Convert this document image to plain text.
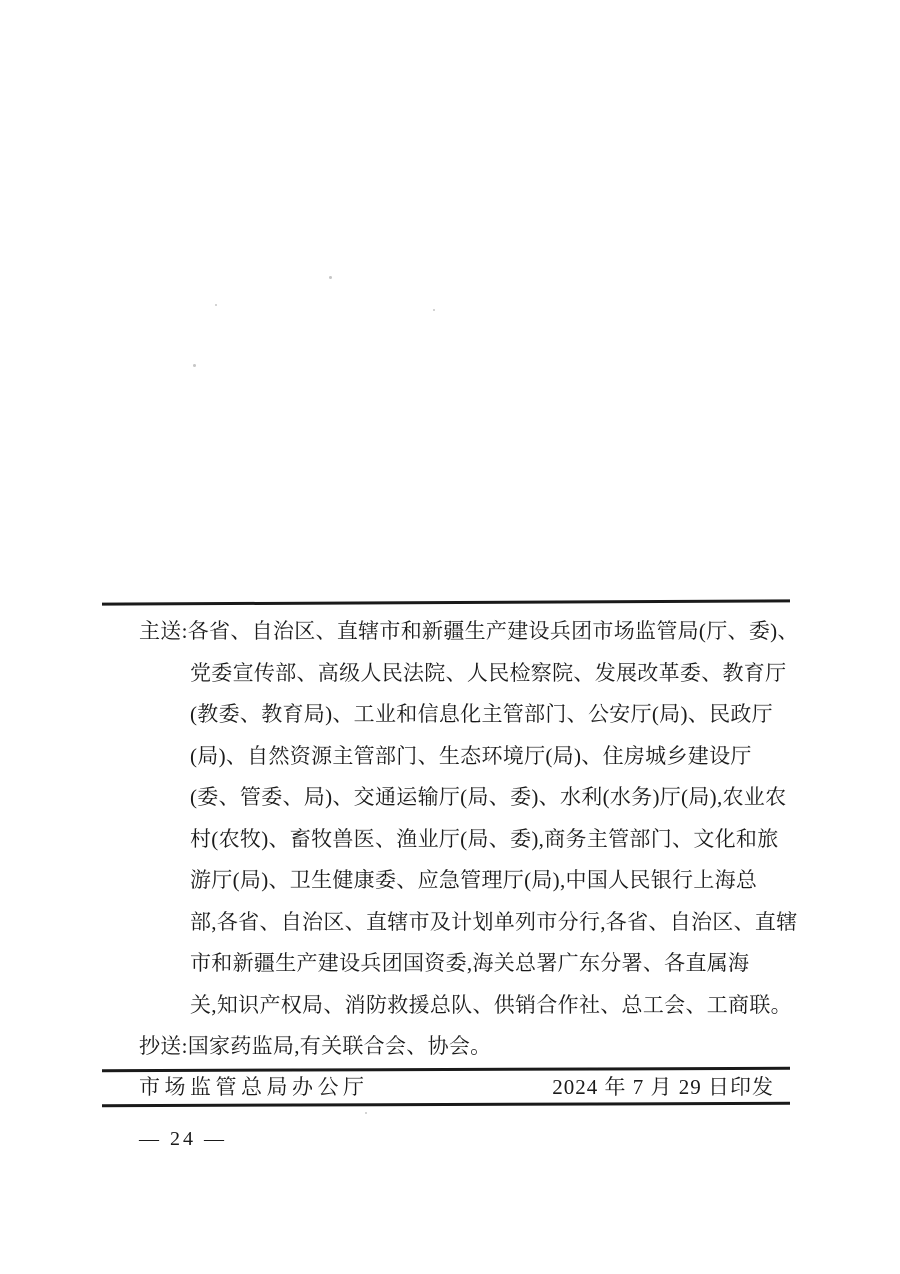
主送:各省、自治区、直辖市和新疆生产建设兵团市场监管局(厅、委)、
党委宣传部、高级人民法院、人民检察院、发展改革委、教育厅
(教委、教育局)、工业和信息化主管部门、公安厅(局)、民政厅
(局)、自然资源主管部门、生态环境厅(局)、住房城乡建设厅
(委、管委、局)、交通运输厅(局、委)、水利(水务)厅(局),农业农
村(农牧)、畜牧兽医、渔业厅(局、委),商务主管部门、文化和旅
游厅(局)、卫生健康委、应急管理厅(局),中国人民银行上海总
部,各省、自治区、直辖市及计划单列市分行,各省、自治区、直辖
市和新疆生产建设兵团国资委,海关总署广东分署、各直属海
关,知识产权局、消防救援总队、供销合作社、总工会、工商联。
抄送:国家药监局,有关联合会、协会。
市场监管总局办公厅	2024 年 7 月 29 日印发
— 24 —
